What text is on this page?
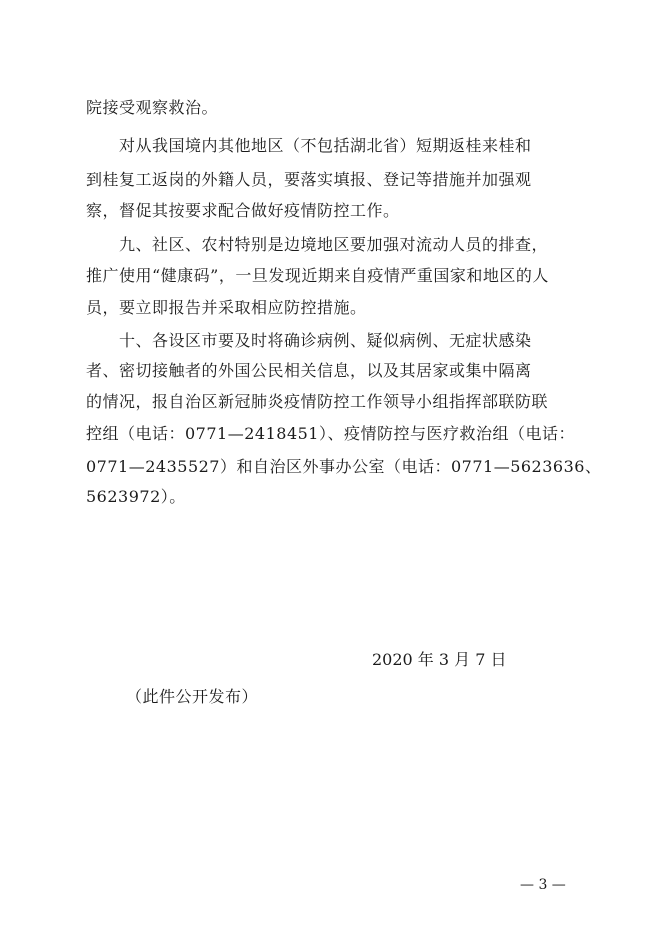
院接受观察救治。
　　对从我国境内其他地区（不包括湖北省）短期返桂来桂和
到桂复工返岗的外籍人员，要落实填报、登记等措施并加强观
察，督促其按要求配合做好疫情防控工作。
　　九、社区、农村特别是边境地区要加强对流动人员的排查，
推广使用“健康码”，一旦发现近期来自疫情严重国家和地区的人
员，要立即报告并采取相应防控措施。
　　十、各设区市要及时将确诊病例、疑似病例、无症状感染
者、密切接触者的外国公民相关信息，以及其居家或集中隔离
的情况，报自治区新冠肺炎疫情防控工作领导小组指挥部联防联
控组（电话：0771—2418451）、疫情防控与医疗救治组（电话：
0771—2435527）和自治区外事办公室（电话：0771—5623636、
5623972）。
2020 年 3 月 7 日
（此件公开发布）
— 3 —
